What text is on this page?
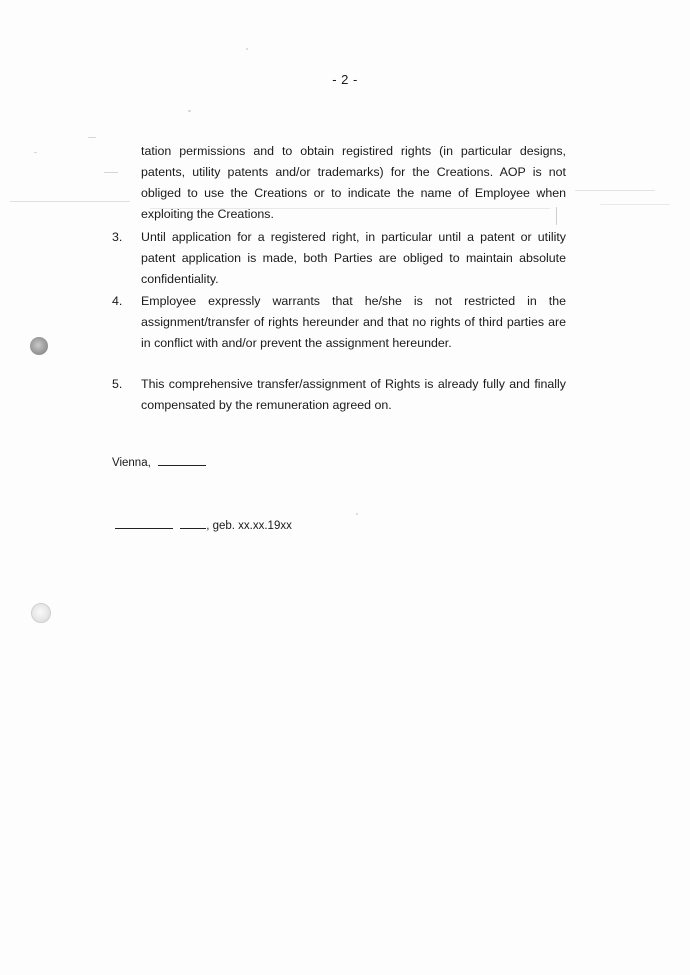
- 2 -
tation permissions and to obtain registired rights (in particular designs, patents, utility patents and/or trademarks) for the Creations. AOP is not obliged to use the Creations or to indicate the name of Employee when exploiting the Creations.
3.	Until application for a registered right, in particular until a patent or utility patent application is made, both Parties are obliged to maintain absolute confidentiality.
4.	Employee expressly warrants that he/she is not restricted in the assignment/transfer of rights hereunder and that no rights of third parties are in conflict with and/or prevent the assignment hereunder.
5.	This comprehensive transfer/assignment of Rights is already fully and finally compensated by the remuneration agreed on.
Vienna,
, geb. xx.xx.19xx
